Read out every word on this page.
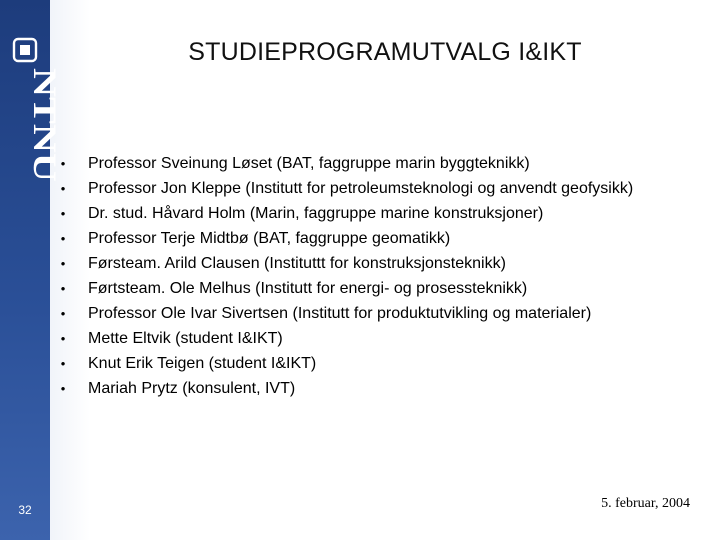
NTNU
32
STUDIEPROGRAMUTVALG I&IKT
• Professor Sveinung Løset (BAT, faggruppe marin byggteknikk)
• Professor Jon Kleppe (Institutt for petroleumsteknologi og anvendt geofysikk)
• Dr. stud. Håvard Holm (Marin, faggruppe marine konstruksjoner)
• Professor Terje Midtbø (BAT, faggruppe geomatikk)
• Førsteam. Arild Clausen (Instituttt for konstruksjonsteknikk)
• Førtsteam. Ole Melhus (Institutt for energi- og prosessteknikk)
• Professor Ole Ivar Sivertsen (Institutt for produktutvikling og materialer)
• Mette Eltvik (student I&IKT)
• Knut Erik Teigen (student I&IKT)
• Mariah Prytz (konsulent, IVT)
5. februar, 2004
